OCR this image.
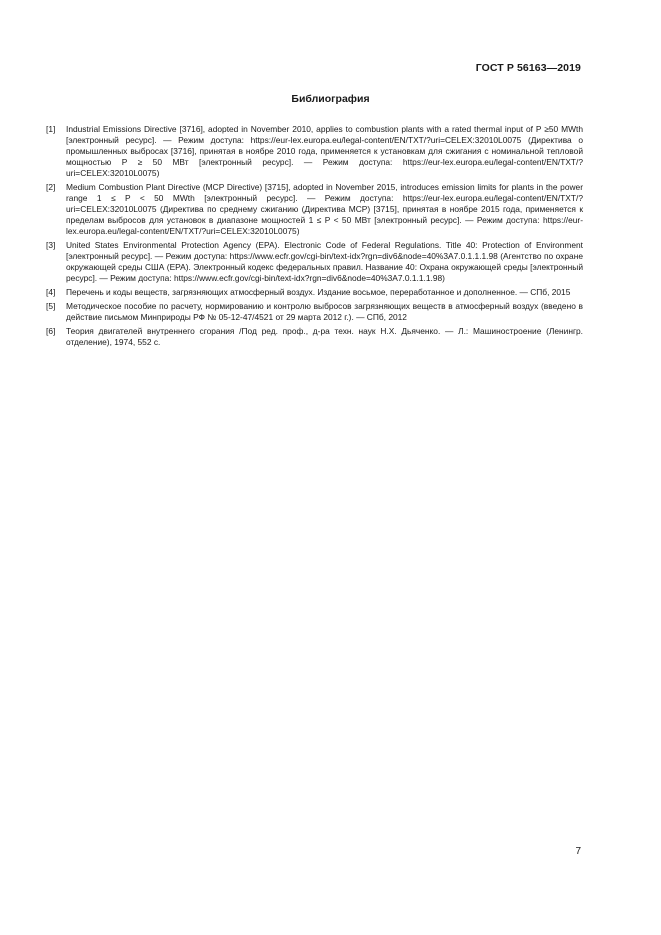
ГОСТ Р 56163—2019
Библиография
[1]	Industrial Emissions Directive [3716], adopted in November 2010, applies to combustion plants with a rated thermal input of P ≥50 MWth [электронный ресурс]. — Режим доступа: https://eur-lex.europa.eu/legal-content/EN/TXT/?uri=CELEX:32010L0075 (Директива о промышленных выбросах [3716], принятая в ноябре 2010 года, применяется к установкам для сжигания с номинальной тепловой мощностью P ≥ 50 МВт [электронный ресурс]. — Режим доступа: https://eur-lex.europa.eu/legal-content/EN/TXT/?uri=CELEX:32010L0075)
[2]	Medium Combustion Plant Directive (MCP Directive) [3715], adopted in November 2015, introduces emission limits for plants in the power range 1 ≤ P < 50 MWth [электронный ресурс]. — Режим доступа: https://eur-lex.europa.eu/legal-content/EN/TXT/?uri=CELEX:32010L0075 (Директива по среднему сжиганию (Директива MCP) [3715], принятая в ноябре 2015 года, применяется к пределам выбросов для установок в диапазоне мощностей 1 ≤ P < 50 МВт [электронный ресурс]. — Режим доступа: https://eur-lex.europa.eu/legal-content/EN/TXT/?uri=CELEX:32010L0075)
[3]	United States Environmental Protection Agency (EPA). Electronic Code of Federal Regulations. Title 40: Protection of Environment [электронный ресурс]. — Режим доступа: https://www.ecfr.gov/cgi-bin/text-idx?rgn=div6&node=40%3A7.0.1.1.1.98 (Агентство по охране окружающей среды США (EPA). Электронный кодекс федеральных правил. Название 40: Охрана окружающей среды [электронный ресурс]. — Режим доступа: https://www.ecfr.gov/cgi-bin/text-idx?rgn=div6&node=40%3A7.0.1.1.1.98)
[4]	Перечень и коды веществ, загрязняющих атмосферный воздух. Издание восьмое, переработанное и дополненное. — СПб, 2015
[5]	Методическое пособие по расчету, нормированию и контролю выбросов загрязняющих веществ в атмосферный воздух (введено в действие письмом Минприроды РФ № 05-12-47/4521 от 29 марта 2012 г.). — СПб, 2012
[6]	Теория двигателей внутреннего сгорания /Под ред. проф., д-ра техн. наук Н.Х. Дьяченко. — Л.: Машиностроение (Ленингр. отделение), 1974, 552 с.
7
